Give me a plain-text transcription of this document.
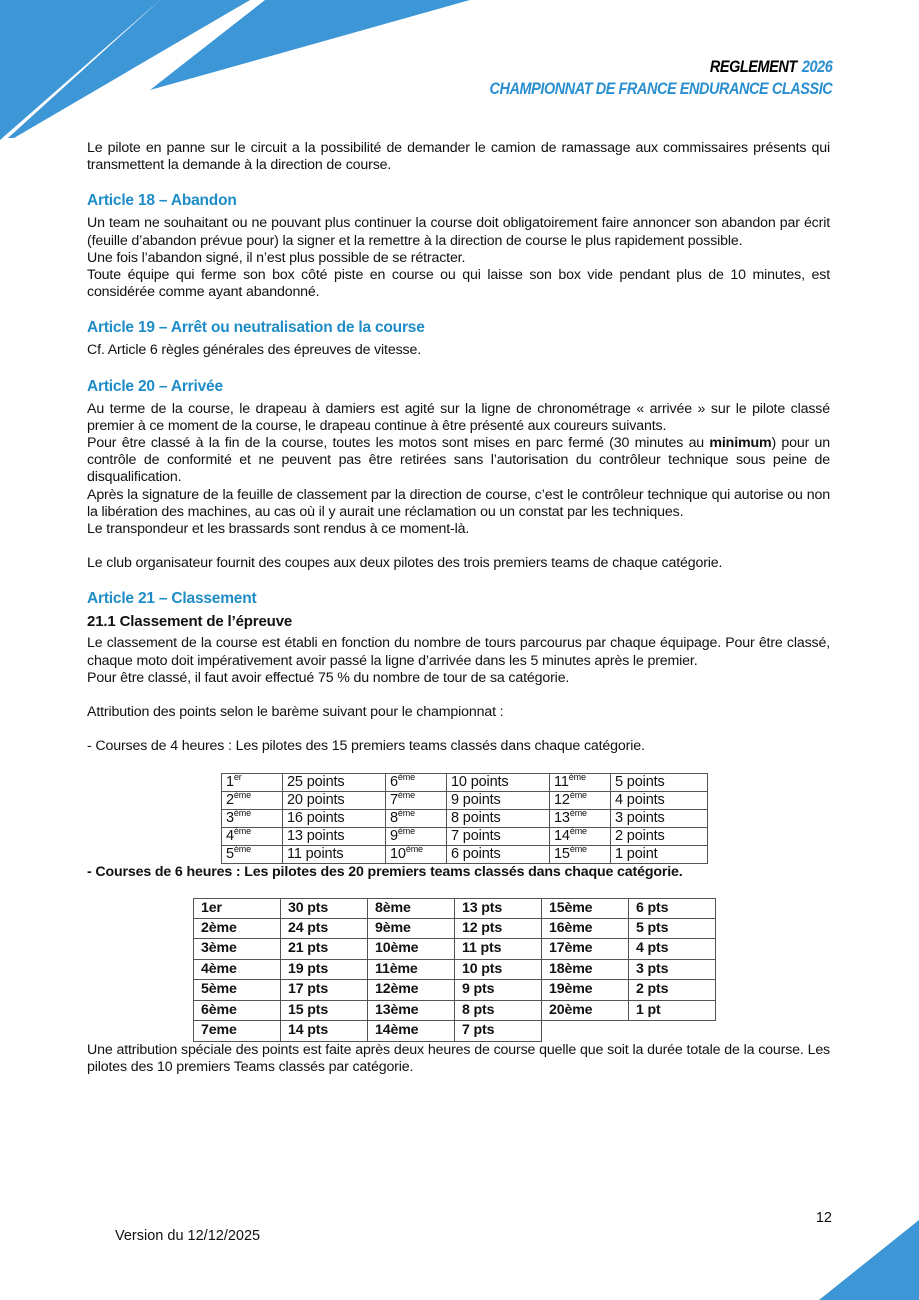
REGLEMENT 2026
CHAMPIONNAT DE FRANCE ENDURANCE CLASSIC

Le pilote en panne sur le circuit a la possibilité de demander le camion de ramassage aux commissaires présents qui transmettent la demande à la direction de course.

Article 18 – Abandon

Un team ne souhaitant ou ne pouvant plus continuer la course doit obligatoirement faire annoncer son abandon par écrit (feuille d’abandon prévue pour) la signer et la remettre à la direction de course le plus rapidement possible.

Une fois l’abandon signé, il n’est plus possible de se rétracter.

Toute équipe qui ferme son box côté piste en course ou qui laisse son box vide pendant plus de 10 minutes, est considérée comme ayant abandonné.

Article 19 – Arrêt ou neutralisation de la course

Cf. Article 6 règles générales des épreuves de vitesse.

Article 20 – Arrivée

Au terme de la course, le drapeau à damiers est agité sur la ligne de chronométrage « arrivée » sur le pilote classé premier à ce moment de la course, le drapeau continue à être présenté aux coureurs suivants.

Pour être classé à la fin de la course, toutes les motos sont mises en parc fermé (30 minutes au minimum) pour un contrôle de conformité et ne peuvent pas être retirées sans l’autorisation du contrôleur technique sous peine de disqualification.

Après la signature de la feuille de classement par la direction de course, c’est le contrôleur technique qui autorise ou non la libération des machines, au cas où il y aurait une réclamation ou un constat par les techniques.

Le transpondeur et les brassards sont rendus à ce moment-là.

Le club organisateur fournit des coupes aux deux pilotes des trois premiers teams de chaque catégorie.

Article 21 – Classement
21.1 Classement de l’épreuve

Le classement de la course est établi en fonction du nombre de tours parcourus par chaque équipage. Pour être classé, chaque moto doit impérativement avoir passé la ligne d’arrivée dans les 5 minutes après le premier.

Pour être classé, il faut avoir effectué 75 % du nombre de tour de sa catégorie.

Attribution des points selon le barème suivant pour le championnat :

- Courses de 4 heures : Les pilotes des 15 premiers teams classés dans chaque catégorie.

1er	25 points	6ème	10 points	11ème	5 points
2ème	20 points	7ème	9 points	12ème	4 points
3ème	16 points	8ème	8 points	13ème	3 points
4ème	13 points	9ème	7 points	14ème	2 points
5ème	11 points	10ème	6 points	15ème	1 point

- Courses de 6 heures : Les pilotes des 20 premiers teams classés dans chaque catégorie.

1er	30 pts	8ème	13 pts	15ème	6 pts
2ème	24 pts	9ème	12 pts	16ème	5 pts
3ème	21 pts	10ème	11 pts	17ème	4 pts
4ème	19 pts	11ème	10 pts	18ème	3 pts
5ème	17 pts	12ème	9 pts	19ème	2 pts
6ème	15 pts	13ème	8 pts	20ème	1 pt
7eme	14 pts	14ème	7 pts		

Une attribution spéciale des points est faite après deux heures de course quelle que soit la durée totale de la course. Les pilotes des 10 premiers Teams classés par catégorie.

12
Version du 12/12/2025
